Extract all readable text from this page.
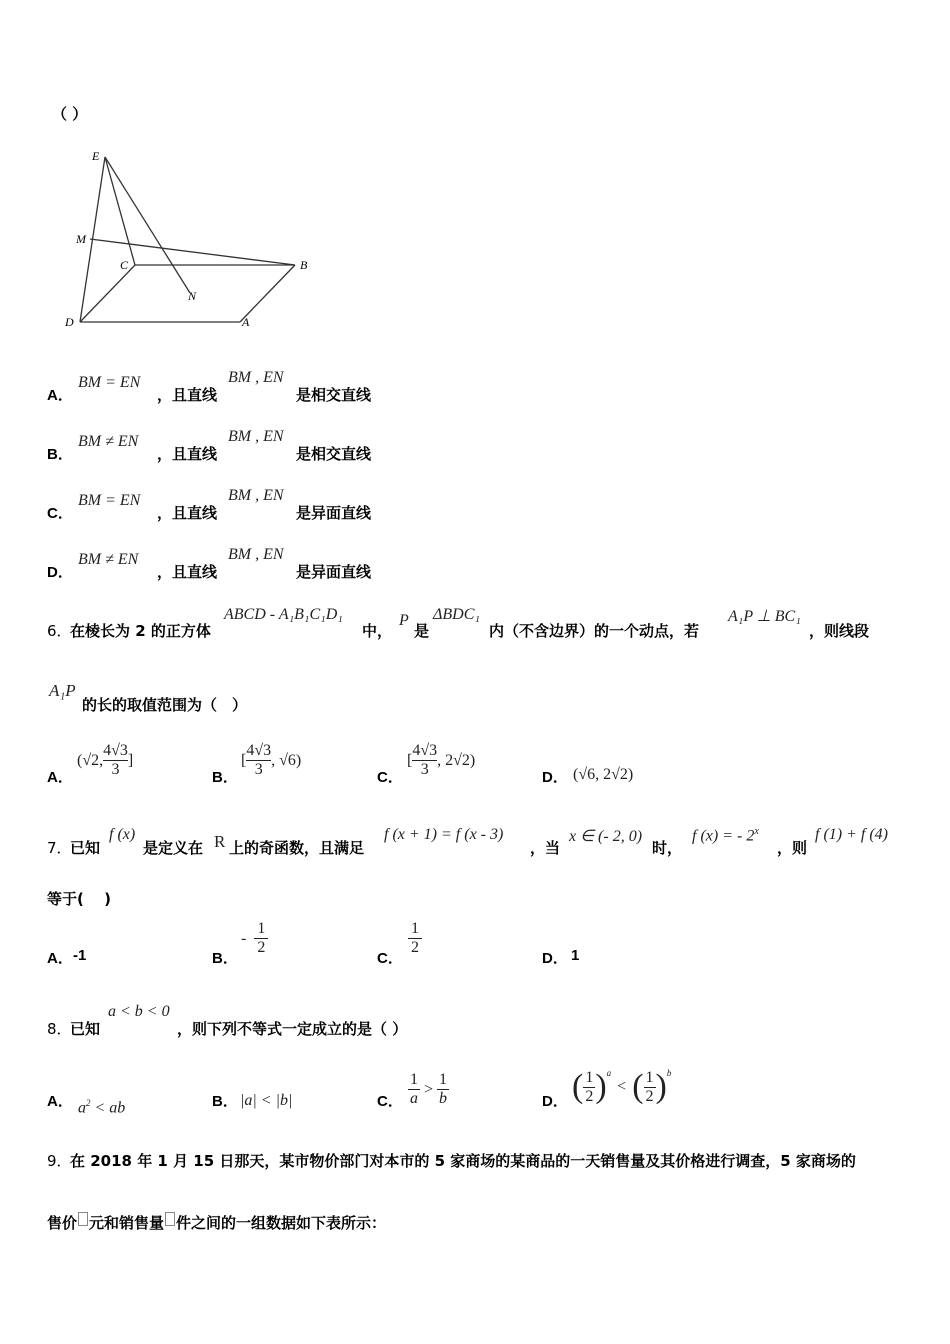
（ ）
E
M
C	B
N
D	A
A．
BM = EN
，且直线
BM , EN
是相交直线
B．
BM ≠ EN
，且直线
BM , EN
是相交直线
C．
BM = EN
，且直线
BM , EN
是异面直线
D．
BM ≠ EN
，且直线
BM , EN
是异面直线
6．
在棱长为 2 的正方体
ABCD - A₁B₁C₁D₁
中，
P
是
ΔBDC₁
内（不含边界）的一个动点，若
A₁P ⊥ BC₁
，则线段
A₁P
的长的取值范围为（　）
A．
(√2, $\frac{4√3}{3}$ ]
B．
[ $\frac{4√3}{3}$ , √6)
C．
[ $\frac{4√3}{3}$ , 2√2)
D． (√6, 2√2)
7．
已知
f (x)
是定义在 R 上的奇函数，且满足
f (x + 1) = f (x - 3)
，当
x ∈ (- 2, 0)
时，
f (x) = - 2$^x$
，则
f (1) + f (4)
等于(　 )
A． -1	B．
- $\frac{1}{2}$
C．
$\frac{1}{2}$
D． 1
8．
已知
a < b < 0
，则下列不等式一定成立的是（ ）
A． $a^2$ < ab	B． |a| < |b|	C． $\frac{1}{a} > \frac{1}{b}$	D． ( $\frac{1}{2} )^a$
< ( $\frac{1}{2} )^b$
9．
在 2018 年 1 月 15 日那天，某市物价部门对本市的 5 家商场的某商品的一天销售量及其价格进行调查，5 家商场的
售价 元和销售量 件之间的一组数据如下表所示：
